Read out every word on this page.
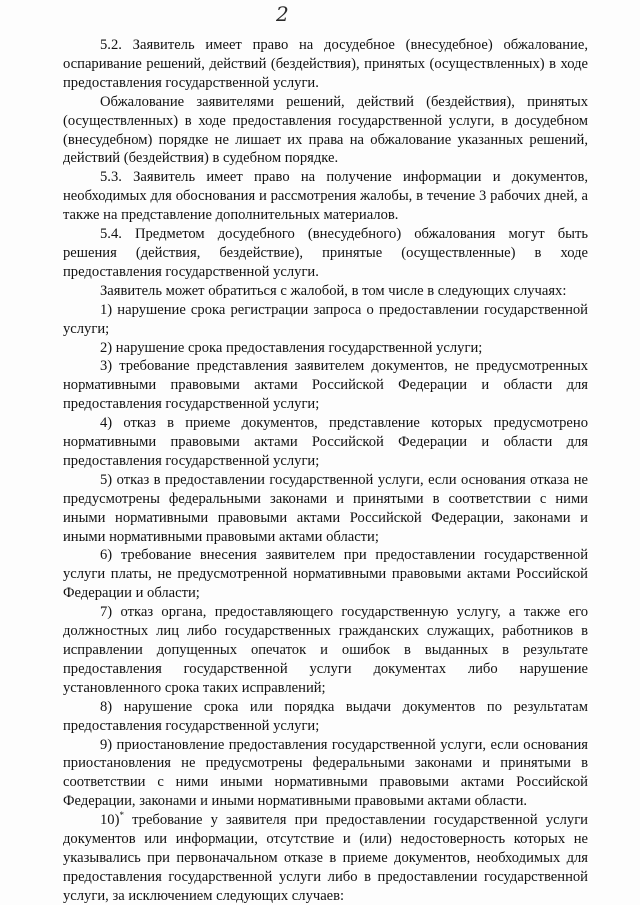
2

5.2. Заявитель имеет право на досудебное (внесудебное) обжалование, оспаривание решений, действий (бездействия), принятых (осуществленных) в ходе предоставления государственной услуги.

Обжалование заявителями решений, действий (бездействия), принятых (осуществленных) в ходе предоставления государственной услуги, в досудебном (внесудебном) порядке не лишает их права на обжалование указанных решений, действий (бездействия) в судебном порядке.

5.3. Заявитель имеет право на получение информации и документов, необходимых для обоснования и рассмотрения жалобы, в течение 3 рабочих дней, а также на представление дополнительных материалов.

5.4. Предметом досудебного (внесудебного) обжалования могут быть решения (действия, бездействие), принятые (осуществленные) в ходе предоставления государственной услуги.

Заявитель может обратиться с жалобой, в том числе в следующих случаях:

1) нарушение срока регистрации запроса о предоставлении государственной услуги;

2) нарушение срока предоставления государственной услуги;

3) требование представления заявителем документов, не предусмотренных нормативными правовыми актами Российской Федерации и области для предоставления государственной услуги;

4) отказ в приеме документов, представление которых предусмотрено нормативными правовыми актами Российской Федерации и области для предоставления государственной услуги;

5) отказ в предоставлении государственной услуги, если основания отказа не предусмотрены федеральными законами и принятыми в соответствии с ними иными нормативными правовыми актами Российской Федерации, законами и иными нормативными правовыми актами области;

6) требование внесения заявителем при предоставлении государственной услуги платы, не предусмотренной нормативными правовыми актами Российской Федерации и области;

7) отказ органа, предоставляющего государственную услугу, а также его должностных лиц либо государственных гражданских служащих, работников в исправлении допущенных опечаток и ошибок в выданных в результате предоставления государственной услуги документах либо нарушение установленного срока таких исправлений;

8) нарушение срока или порядка выдачи документов по результатам предоставления государственной услуги;

9) приостановление предоставления государственной услуги, если основания приостановления не предусмотрены федеральными законами и принятыми в соответствии с ними иными нормативными правовыми актами Российской Федерации, законами и иными нормативными правовыми актами области.

10)* требование у заявителя при предоставлении государственной услуги документов или информации, отсутствие и (или) недостоверность которых не указывались при первоначальном отказе в приеме документов, необходимых для предоставления государственной услуги либо в предоставлении государственной услуги, за исключением следующих случаев:
